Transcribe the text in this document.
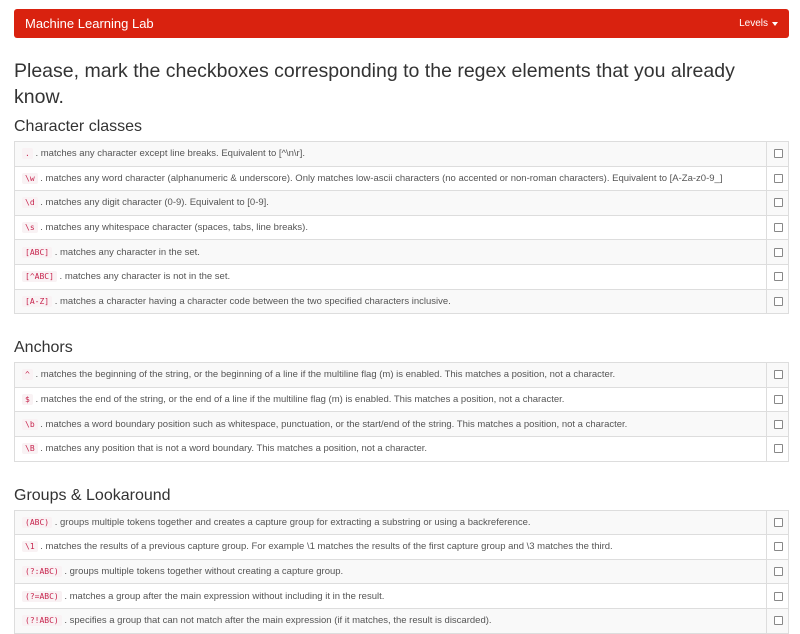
Machine Learning Lab	Levels
Please, mark the checkboxes corresponding to the regex elements that you already know.
Character classes
. . matches any character except line breaks. Equivalent to [^\n\r].	
\w . matches any word character (alphanumeric & underscore). Only matches low-ascii characters (no accented or non-roman characters). Equivalent to [A-Za-z0-9_]	
\d . matches any digit character (0-9). Equivalent to [0-9].	
\s . matches any whitespace character (spaces, tabs, line breaks).	
[ABC] . matches any character in the set.	
[^ABC] . matches any character is not in the set.	
[A-Z] . matches a character having a character code between the two specified characters inclusive.	
Anchors
^ . matches the beginning of the string, or the beginning of a line if the multiline flag (m) is enabled. This matches a position, not a character.	
$ . matches the end of the string, or the end of a line if the multiline flag (m) is enabled. This matches a position, not a character.	
\b . matches a word boundary position such as whitespace, punctuation, or the start/end of the string. This matches a position, not a character.	
\B . matches any position that is not a word boundary. This matches a position, not a character.	
Groups & Lookaround
(ABC) . groups multiple tokens together and creates a capture group for extracting a substring or using a backreference.	
\1 . matches the results of a previous capture group. For example \1 matches the results of the first capture group and \3 matches the third.	
(?:ABC) . groups multiple tokens together without creating a capture group.	
(?=ABC) . matches a group after the main expression without including it in the result.	
(?!ABC) . specifies a group that can not match after the main expression (if it matches, the result is discarded).	
